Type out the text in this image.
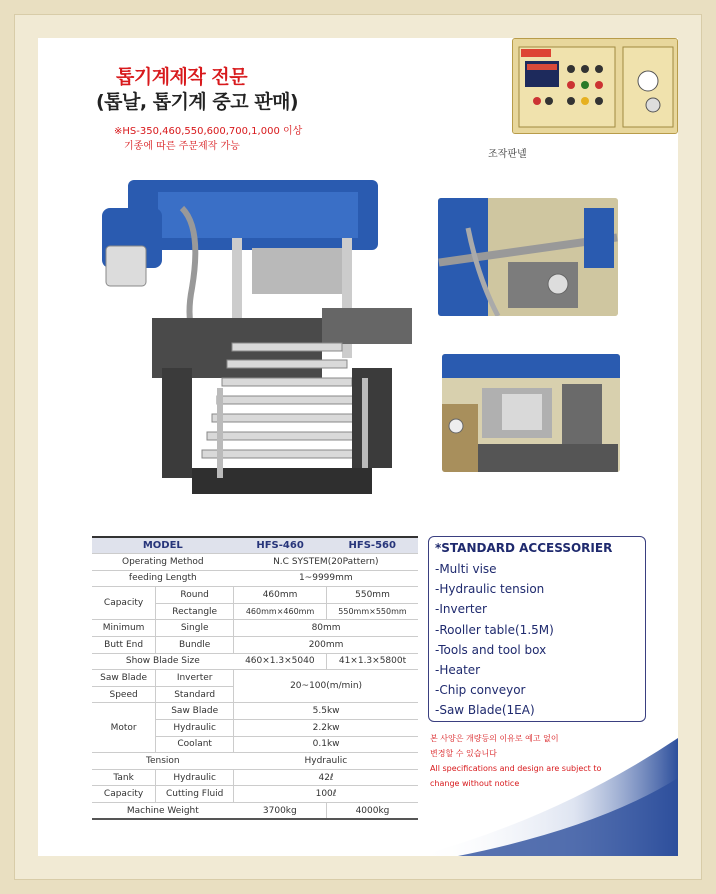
톱기계제작 전문
(톱날, 톱기계 중고 판매)
※HS-350,460,550,600,700,1,000 이상
기종에 따른 주문제작 가능
조작판넬
MODEL		HFS-460	HFS-560
Operating Method		N.C SYSTEM(20Pattern)	
feeding Length		1~9999mm	
Capacity	Round	460mm	550mm
	Rectangle	460mm×460mm	550mm×550mm
Minimum	Single	80mm	
Butt End	Bundle	200mm	
Show Blade Size		460×1.3×5040	41×1.3×5800t
Saw Blade	Inverter	20~100(m/min)	
Speed	Standard		
Motor	Saw Blade	5.5kw	
	Hydraulic	2.2kw	
	Coolant	0.1kw	
Tension		Hydraulic	
Tank	Hydraulic	42ℓ	
Capacity	Cutting Fluid	100ℓ	
Machine Weight		3700kg	4000kg
*STANDARD ACCESSORIER
-Multi vise
-Hydraulic tension
-Inverter
-Rooller table(1.5M)
-Tools and tool box
-Heater
-Chip conveyor
-Saw Blade(1EA)
본 사양은 개량등의 이유로 예고 없이
변경할 수 있습니다
All specifications and design are subject to
change without notice
